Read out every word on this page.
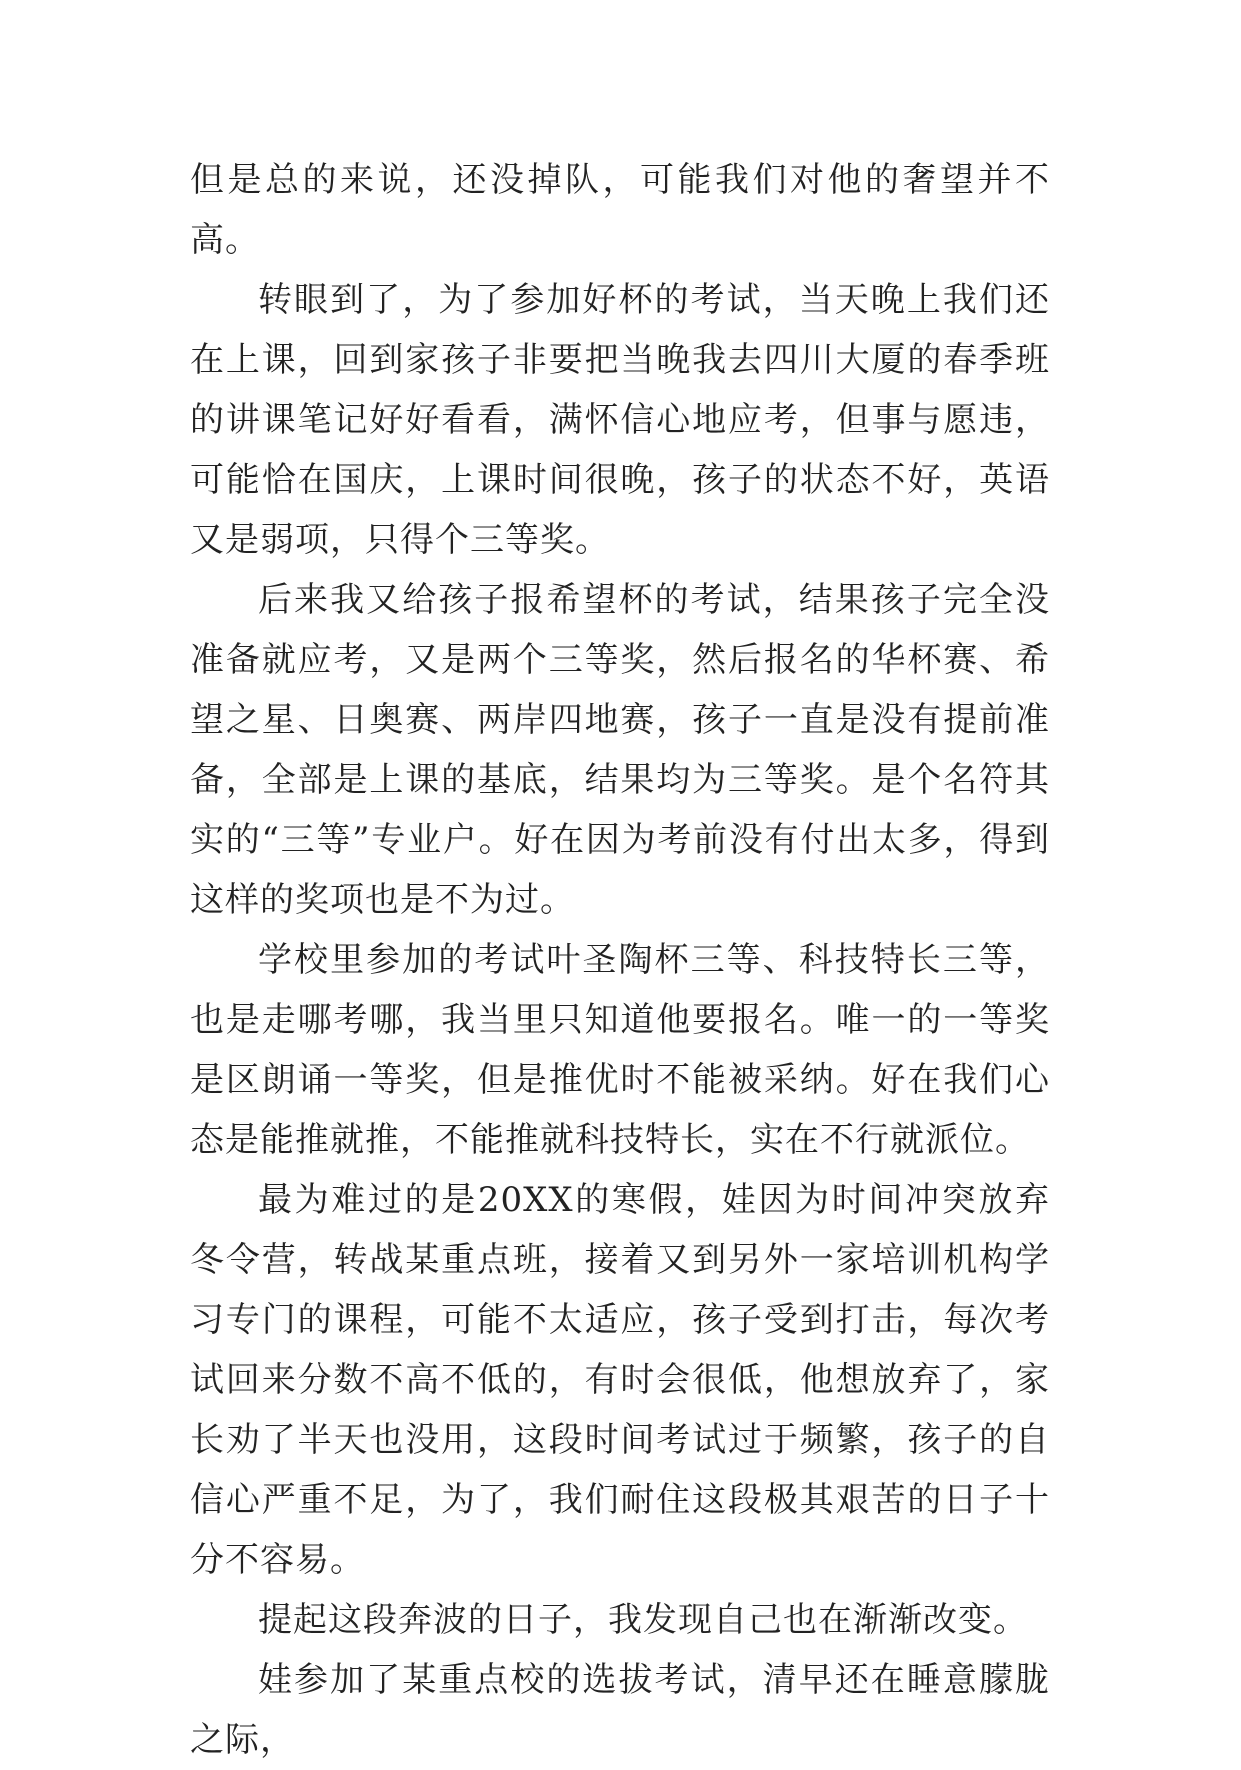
但是总的来说，还没掉队，可能我们对他的奢望并不高。

转眼到了，为了参加好杯的考试，当天晚上我们还在上课，回到家孩子非要把当晚我去四川大厦的春季班的讲课笔记好好看看，满怀信心地应考，但事与愿违，可能恰在国庆，上课时间很晚，孩子的状态不好，英语又是弱项，只得个三等奖。

后来我又给孩子报希望杯的考试，结果孩子完全没准备就应考，又是两个三等奖，然后报名的华杯赛、希望之星、日奥赛、两岸四地赛，孩子一直是没有提前准备，全部是上课的基底，结果均为三等奖。是个名符其实的“三等”专业户。好在因为考前没有付出太多，得到这样的奖项也是不为过。

学校里参加的考试叶圣陶杯三等、科技特长三等，也是走哪考哪，我当里只知道他要报名。唯一的一等奖是区朗诵一等奖，但是推优时不能被采纳。好在我们心态是能推就推，不能推就科技特长，实在不行就派位。

最为难过的是20XX的寒假，娃因为时间冲突放弃冬令营，转战某重点班，接着又到另外一家培训机构学习专门的课程，可能不太适应，孩子受到打击，每次考试回来分数不高不低的，有时会很低，他想放弃了，家长劝了半天也没用，这段时间考试过于频繁，孩子的自信心严重不足，为了，我们耐住这段极其艰苦的日子十分不容易。

提起这段奔波的日子，我发现自己也在渐渐改变。

娃参加了某重点校的选拔考试，清早还在睡意朦胧之际，
